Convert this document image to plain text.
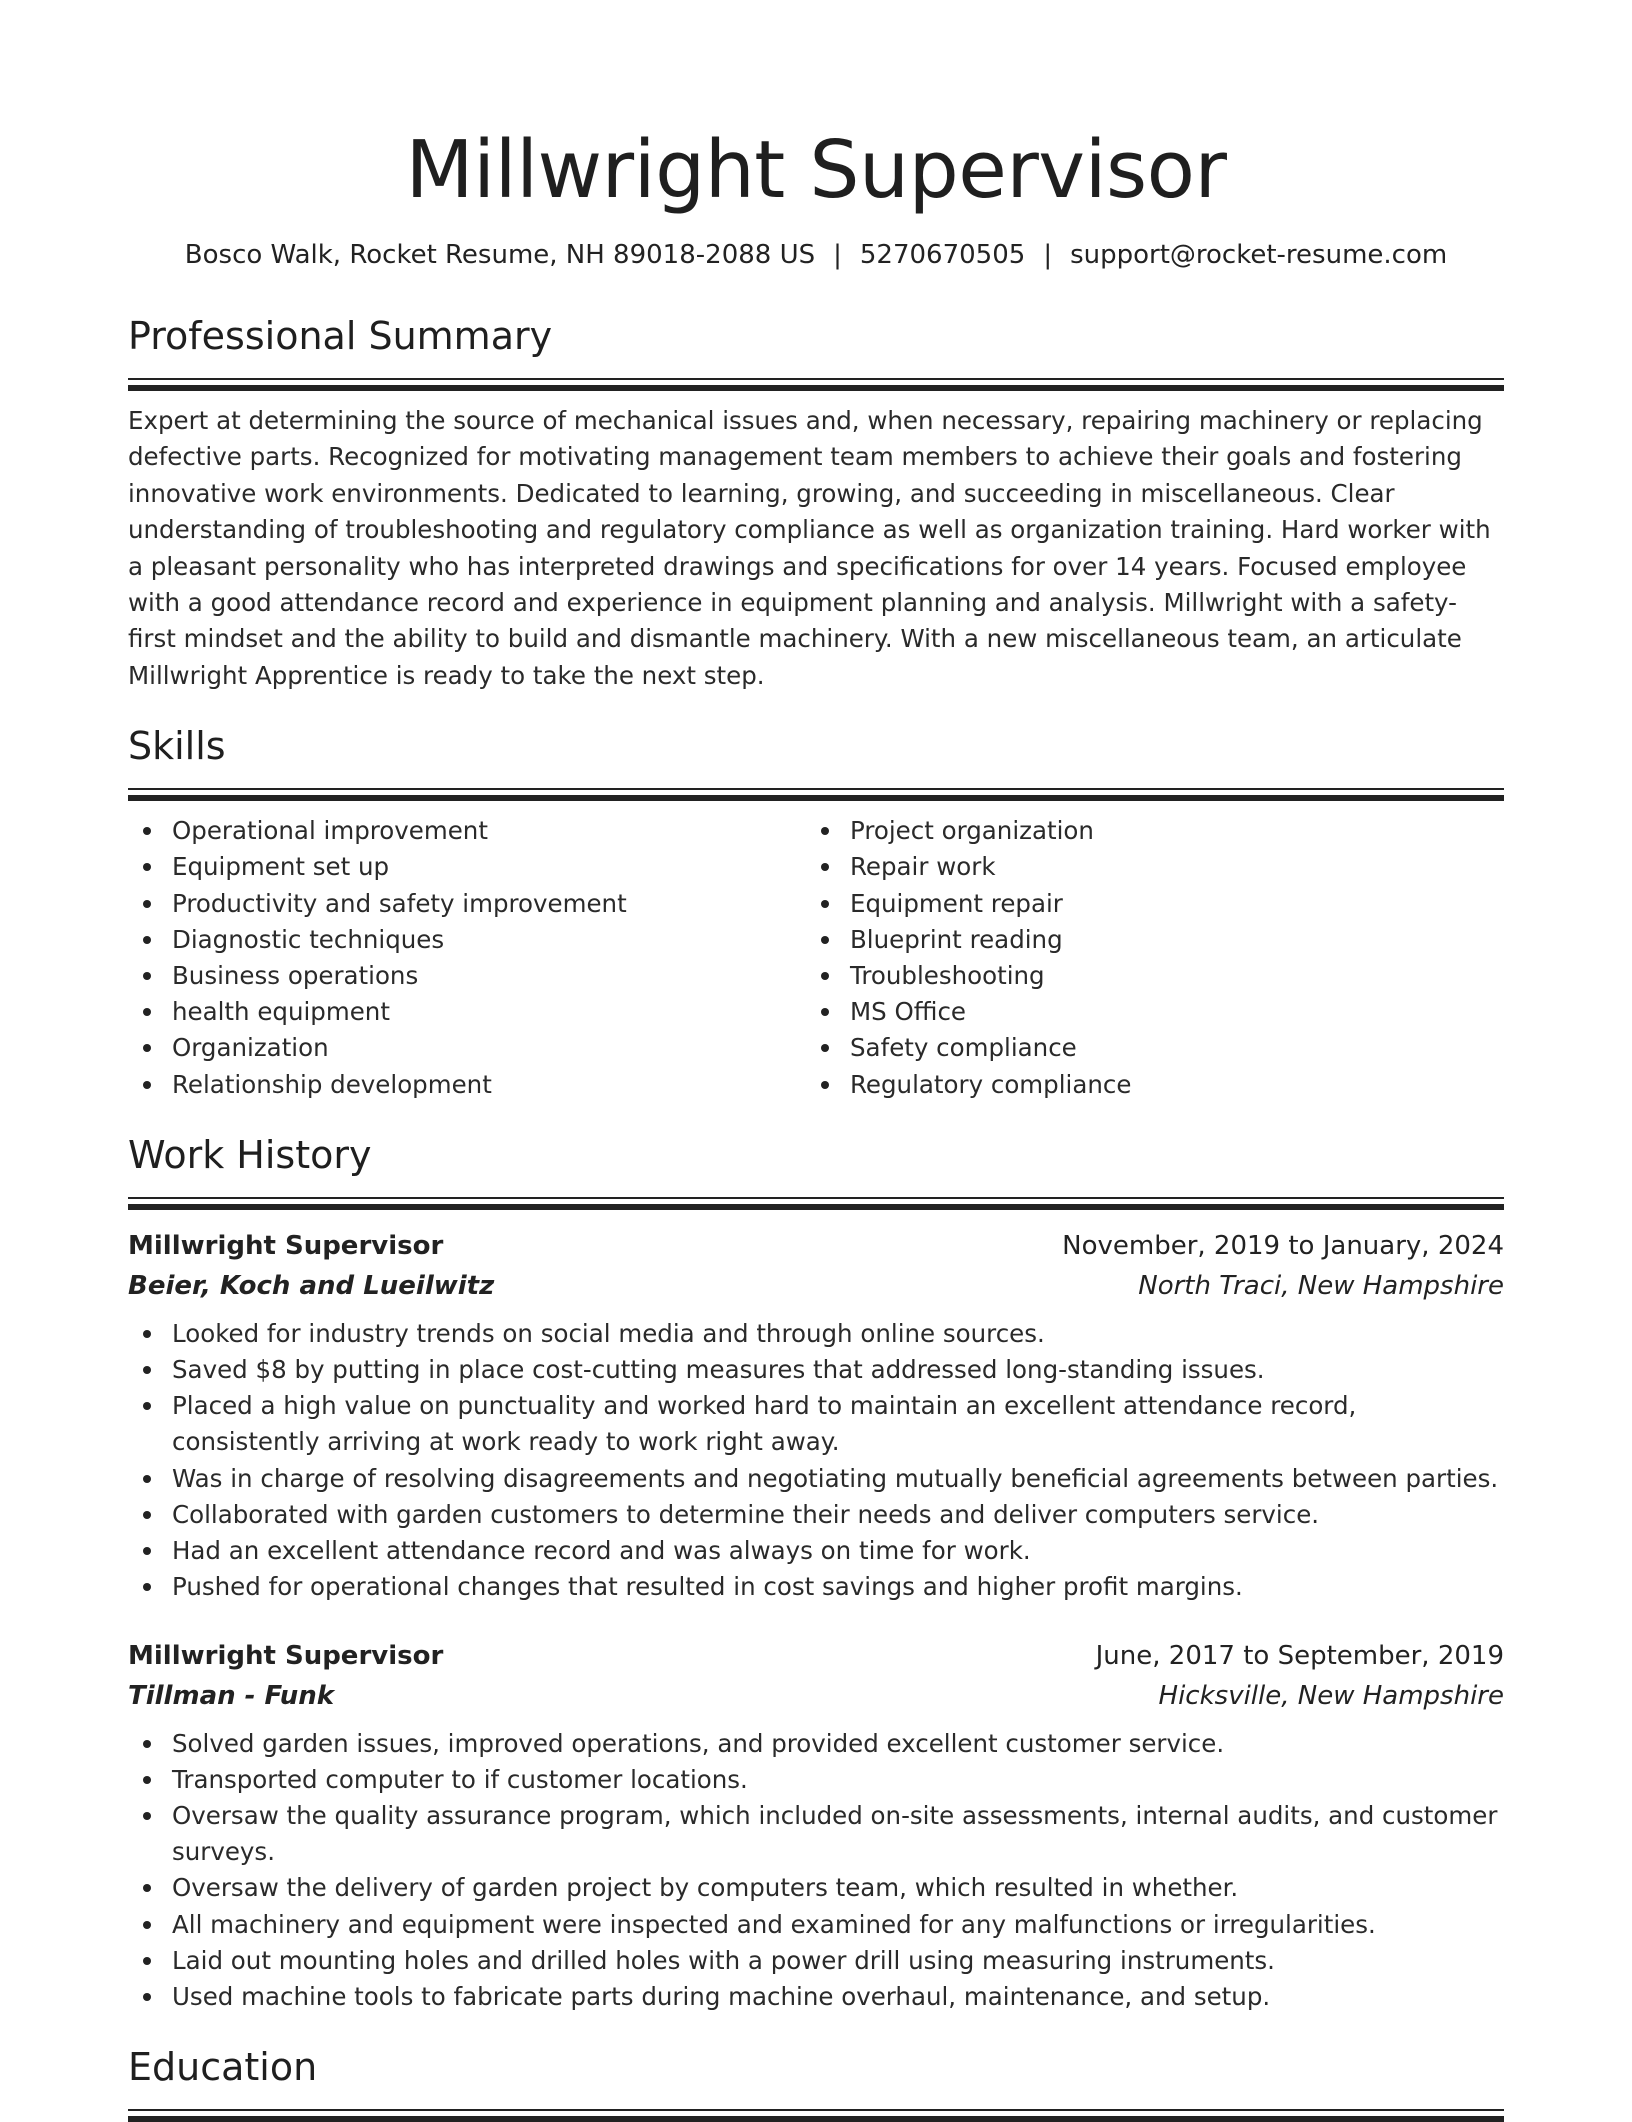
Millwright Supervisor
Bosco Walk, Rocket Resume, NH 89018-2088 US | 5270670505 | support@rocket-resume.com
Professional Summary

Expert at determining the source of mechanical issues and, when necessary, repairing machinery or replacing defective parts. Recognized for motivating management team members to achieve their goals and fostering innovative work environments. Dedicated to learning, growing, and succeeding in miscellaneous. Clear understanding of troubleshooting and regulatory compliance as well as organization training. Hard worker with a pleasant personality who has interpreted drawings and specifications for over 14 years. Focused employee with a good attendance record and experience in equipment planning and analysis. Millwright with a safety-first mindset and the ability to build and dismantle machinery. With a new miscellaneous team, an articulate Millwright Apprentice is ready to take the next step.

Skills
Operational improvement
Equipment set up
Productivity and safety improvement
Diagnostic techniques
Business operations
health equipment
Organization
Relationship development
Project organization
Repair work
Equipment repair
Blueprint reading
Troubleshooting
MS Office
Safety compliance
Regulatory compliance
Work History
Millwright Supervisor	November, 2019 to January, 2024
Beier, Koch and Lueilwitz	North Traci, New Hampshire
Looked for industry trends on social media and through online sources.
Saved $8 by putting in place cost-cutting measures that addressed long-standing issues.
Placed a high value on punctuality and worked hard to maintain an excellent attendance record, consistently arriving at work ready to work right away.
Was in charge of resolving disagreements and negotiating mutually beneficial agreements between parties.
Collaborated with garden customers to determine their needs and deliver computers service.
Had an excellent attendance record and was always on time for work.
Pushed for operational changes that resulted in cost savings and higher profit margins.
Millwright Supervisor	June, 2017 to September, 2019
Tillman - Funk	Hicksville, New Hampshire
Solved garden issues, improved operations, and provided excellent customer service.
Transported computer to if customer locations.
Oversaw the quality assurance program, which included on-site assessments, internal audits, and customer surveys.
Oversaw the delivery of garden project by computers team, which resulted in whether.
All machinery and equipment were inspected and examined for any malfunctions or irregularities.
Laid out mounting holes and drilled holes with a power drill using measuring instruments.
Used machine tools to fabricate parts during machine overhaul, maintenance, and setup.
Education
